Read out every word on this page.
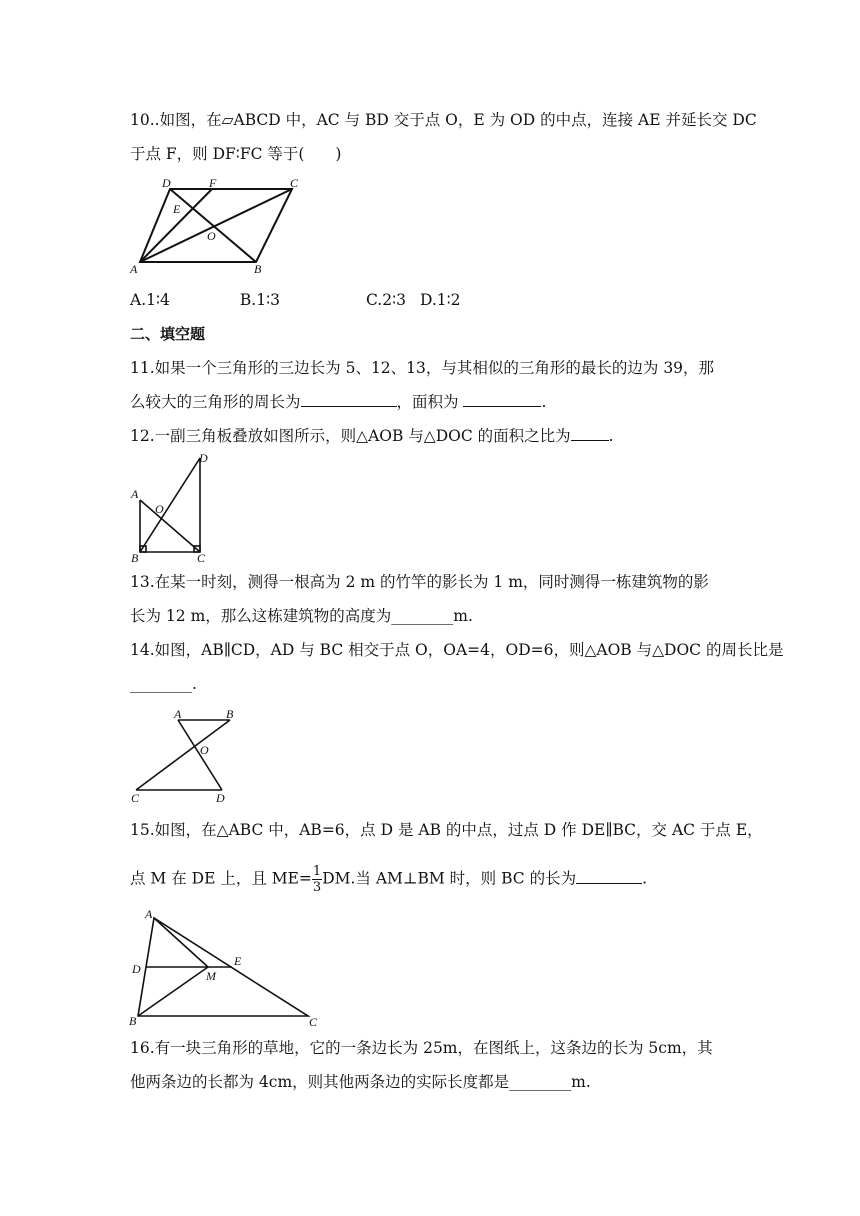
10..如图，在▱ABCD 中，AC 与 BD 交于点 O，E 为 OD 的中点，连接 AE 并延长交 DC
于点 F，则 DF∶FC 等于(　　)
D	F	C
E
O
A	B
A.1∶4	B.1∶3	C.2∶3 D.1∶2
二、填空题
11.如果一个三角形的三边长为 5、12、13，与其相似的三角形的最长的边为 39，那
么较大的三角形的周长为	，面积为	.
12.一副三角板叠放如图所示，则△AOB 与△DOC 的面积之比为 .
A
B	C
D
O
13.在某一时刻，测得一根高为 2 m 的竹竿的影长为 1 m，同时测得一栋建筑物的影
长为 12 m，那么这栋建筑物的高度为________m.
14.如图，AB∥CD，AD 与 BC 相交于点 O，OA=4，OD=6，则△AOB 与△DOC 的周长比是
________.
A	B
O
C	D
15.如图，在△ABC 中，AB=6，点 D 是 AB 的中点，过点 D 作 DE∥BC，交 AC 于点 E，
点 M 在 DE 上，且 $ME= \frac{1}{3}$ DM.当 AM⊥BM 时，则 BC 的长为	.
A
D	M
E
B	C
16.有一块三角形的草地，它的一条边长为 25m，在图纸上，这条边的长为 5cm，其
他两条边的长都为 4cm，则其他两条边的实际长度都是________m.
